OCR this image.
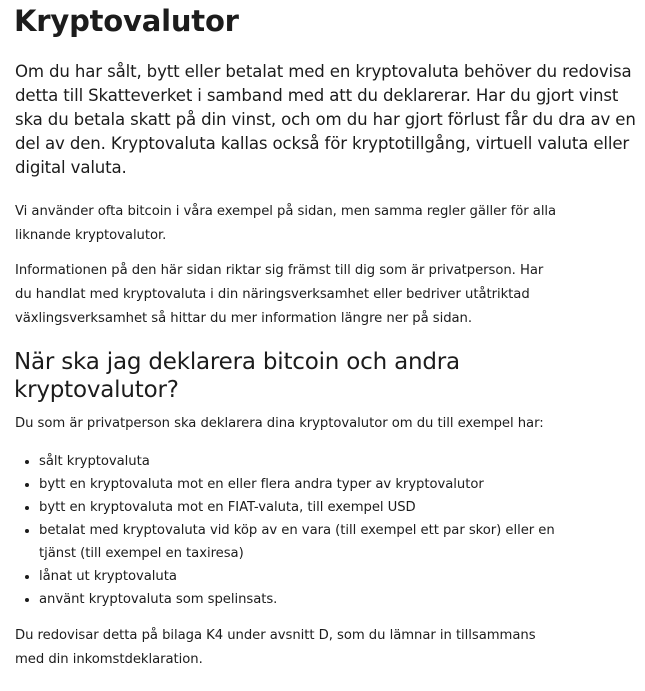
Kryptovalutor

Om du har sålt, bytt eller betalat med en kryptovaluta behöver du redovisa detta till Skatteverket i samband med att du deklarerar. Har du gjort vinst ska du betala skatt på din vinst, och om du har gjort förlust får du dra av en del av den. Kryptovaluta kallas också för kryptotillgång, virtuell valuta eller digital valuta.

Vi använder ofta bitcoin i våra exempel på sidan, men samma regler gäller för alla liknande kryptovalutor.

Informationen på den här sidan riktar sig främst till dig som är privatperson. Har du handlat med kryptovaluta i din näringsverksamhet eller bedriver utåtriktad växlingsverksamhet så hittar du mer information längre ner på sidan.

När ska jag deklarera bitcoin och andra kryptovalutor?

Du som är privatperson ska deklarera dina kryptovalutor om du till exempel har:

• sålt kryptovaluta
• bytt en kryptovaluta mot en eller flera andra typer av kryptovalutor
• bytt en kryptovaluta mot en FIAT-valuta, till exempel USD
• betalat med kryptovaluta vid köp av en vara (till exempel ett par skor) eller en tjänst (till exempel en taxiresa)
• lånat ut kryptovaluta
• använt kryptovaluta som spelinsats.

Du redovisar detta på bilaga K4 under avsnitt D, som du lämnar in tillsammans med din inkomstdeklaration.
